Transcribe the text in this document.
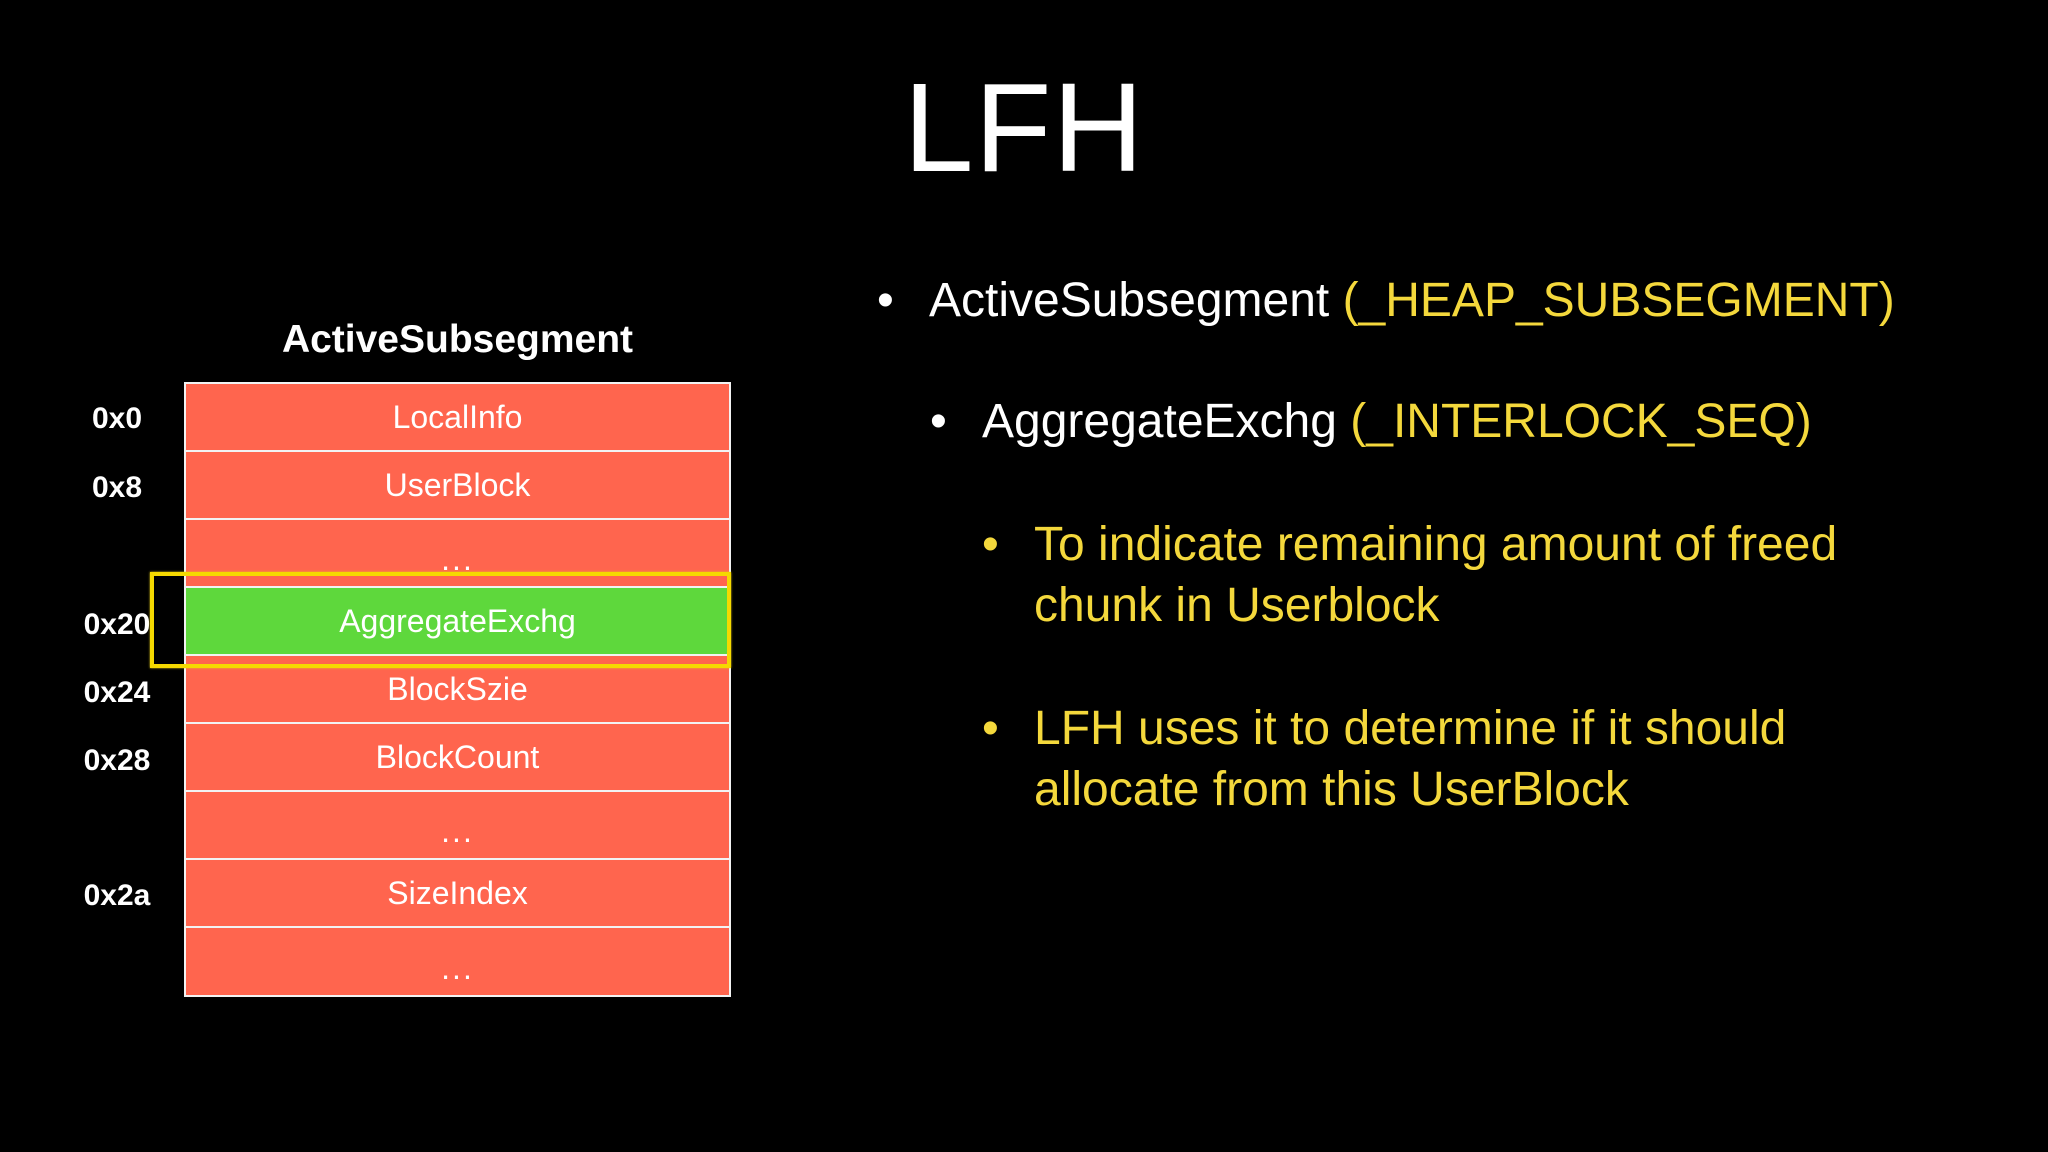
LFH
ActiveSubsegment
LocalInfo
UserBlock
...
AggregateExchg
BlockSzie
BlockCount
...
SizeIndex
...
0x0
0x8
0x20
0x24
0x28
0x2a
• ActiveSubsegment (_HEAP_SUBSEGMENT)
• AggregateExchg (_INTERLOCK_SEQ)
• To indicate remaining amount of freed chunk in Userblock
• LFH uses it to determine if it should allocate from this UserBlock
